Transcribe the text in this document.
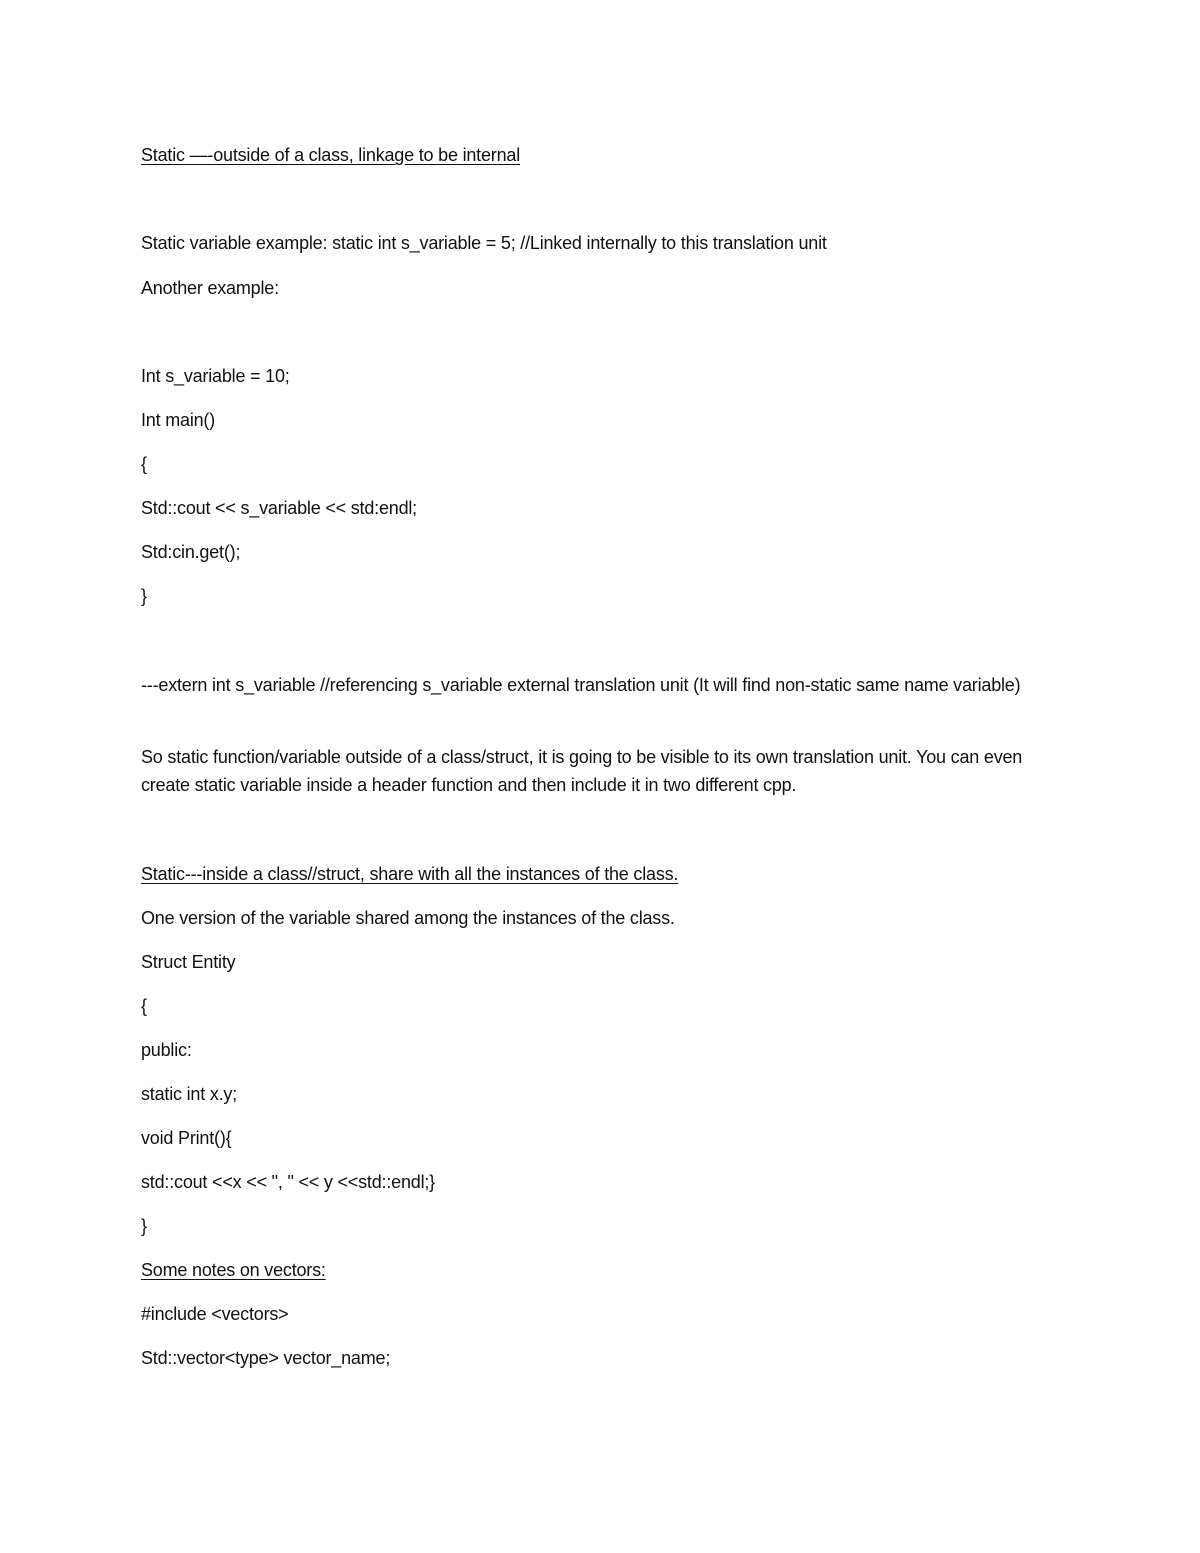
Static —-outside of a class, linkage to be internal
Static variable example: static int s_variable = 5; //Linked internally to this translation unit
Another example:
Int s_variable = 10;
Int main()
{
Std::cout << s_variable << std:endl;
Std:cin.get();
}
---extern int s_variable //referencing s_variable external translation unit (It will find non-static same name variable)
So static function/variable outside of a class/struct, it is going to be visible to its own translation unit. You can even create static variable inside a header function and then include it in two different cpp.
Static---inside a class//struct, share with all the instances of the class.
One version of the variable shared among the instances of the class.
Struct Entity
{
public:
static int x.y;
void Print(){
std::cout <<x << ", " << y <<std::endl;}
}
Some notes on vectors:
#include <vectors>
Std::vector<type> vector_name;
